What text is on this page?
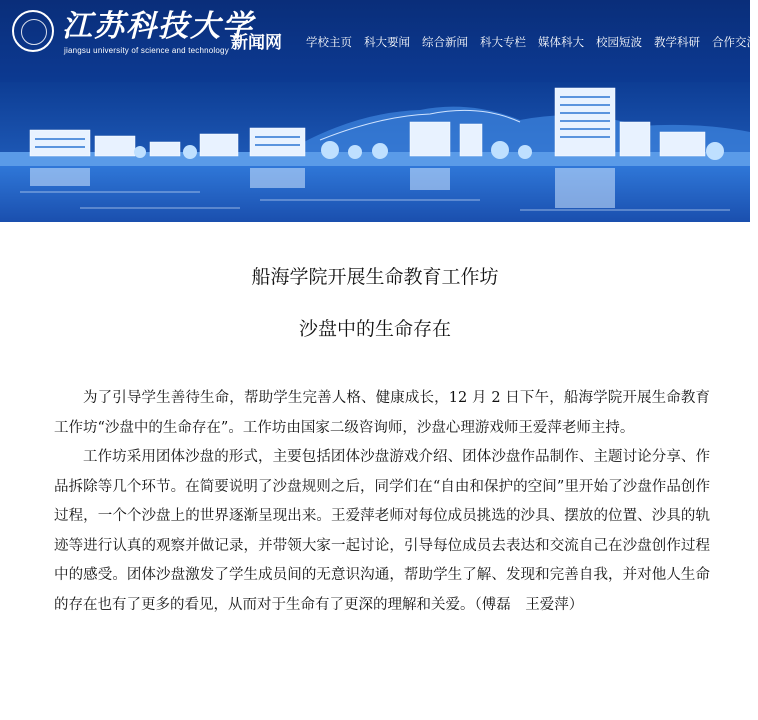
江苏科技大学
jiangsu university of science and technology 新闻网 学校主页 科大要闻 综合新闻 科大专栏 媒体科大 校园短波 教学科研 合作交流
船海学院开展生命教育工作坊
沙盘中的生命存在

为了引导学生善待生命，帮助学生完善人格、健康成长，12 月 2 日下午，船海学院开展生命教育工作坊“沙盘中的生命存在”。工作坊由国家二级咨询师，沙盘心理游戏师王爱萍老师主持。

工作坊采用团体沙盘的形式，主要包括团体沙盘游戏介绍、团体沙盘作品制作、主题讨论分享、作品拆除等几个环节。在简要说明了沙盘规则之后，同学们在“自由和保护的空间”里开始了沙盘作品创作过程，一个个沙盘上的世界逐渐呈现出来。王爱萍老师对每位成员挑选的沙具、摆放的位置、沙具的轨迹等进行认真的观察并做记录，并带领大家一起讨论，引导每位成员去表达和交流自己在沙盘创作过程中的感受。团体沙盘激发了学生成员间的无意识沟通，帮助学生了解、发现和完善自我，并对他人生命的存在也有了更多的看见，从而对于生命有了更深的理解和关爱。（傅磊　王爱萍）
